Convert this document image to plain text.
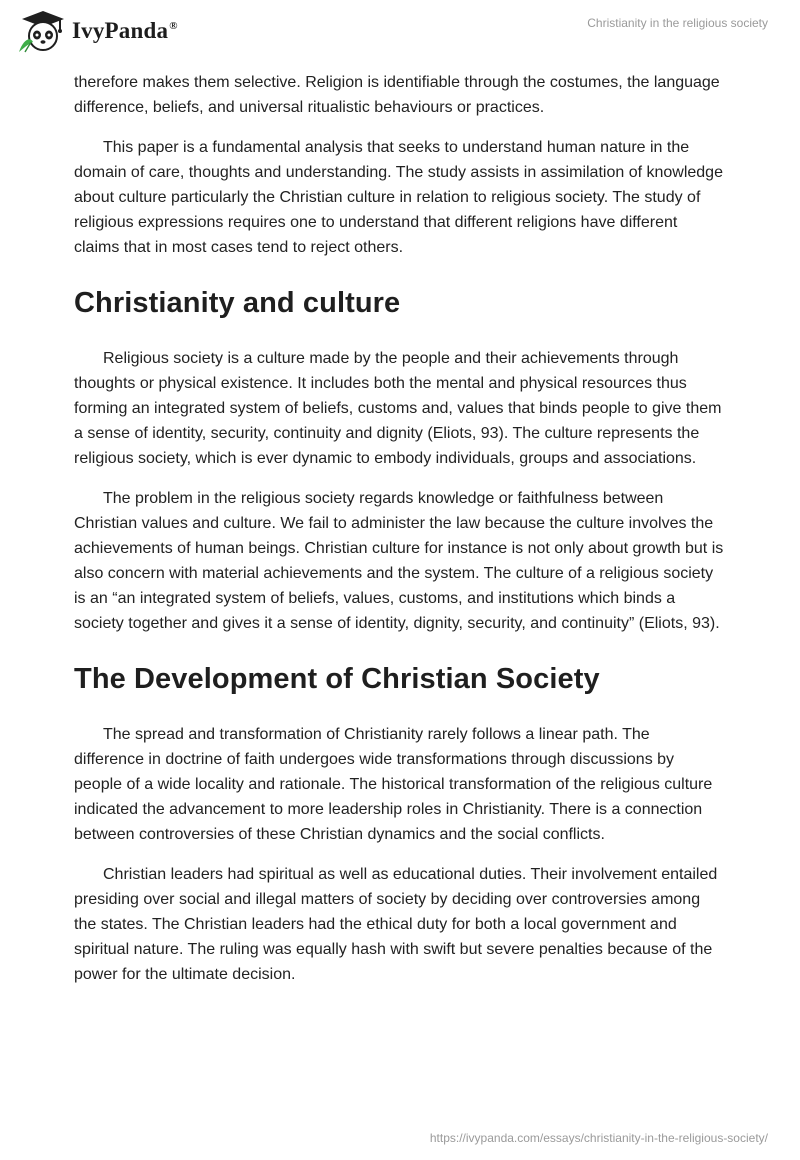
IvyPanda®	Christianity in the religious society

therefore makes them selective. Religion is identifiable through the costumes, the language difference, beliefs, and universal ritualistic behaviours or practices.

This paper is a fundamental analysis that seeks to understand human nature in the domain of care, thoughts and understanding. The study assists in assimilation of knowledge about culture particularly the Christian culture in relation to religious society. The study of religious expressions requires one to understand that different religions have different claims that in most cases tend to reject others.

Christianity and culture

Religious society is a culture made by the people and their achievements through thoughts or physical existence. It includes both the mental and physical resources thus forming an integrated system of beliefs, customs and, values that binds people to give them a sense of identity, security, continuity and dignity (Eliots, 93). The culture represents the religious society, which is ever dynamic to embody individuals, groups and associations.

The problem in the religious society regards knowledge or faithfulness between Christian values and culture. We fail to administer the law because the culture involves the achievements of human beings. Christian culture for instance is not only about growth but is also concern with material achievements and the system. The culture of a religious society is an “an integrated system of beliefs, values, customs, and institutions which binds a society together and gives it a sense of identity, dignity, security, and continuity” (Eliots, 93).

The Development of Christian Society

The spread and transformation of Christianity rarely follows a linear path. The difference in doctrine of faith undergoes wide transformations through discussions by people of a wide locality and rationale. The historical transformation of the religious culture indicated the advancement to more leadership roles in Christianity. There is a connection between controversies of these Christian dynamics and the social conflicts.

Christian leaders had spiritual as well as educational duties. Their involvement entailed presiding over social and illegal matters of society by deciding over controversies among the states. The Christian leaders had the ethical duty for both a local government and spiritual nature. The ruling was equally hash with swift but severe penalties because of the power for the ultimate decision.

https://ivypanda.com/essays/christianity-in-the-religious-society/
